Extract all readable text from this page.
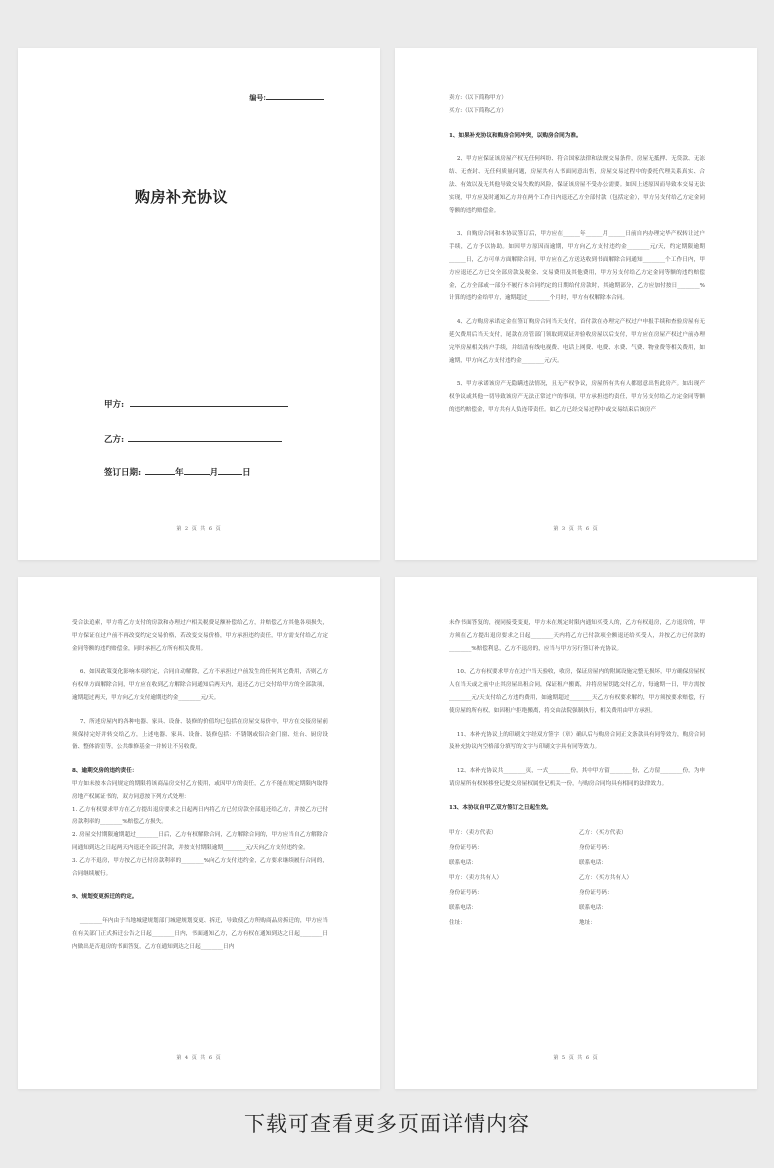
编号:
购房补充协议
甲方:
乙方:
签订日期:	年	月	日
第 2 页 共 6 页

卖方:（以下简称甲方）

买方:（以下简称乙方）

1、如果补充协议和购房合同冲突，以购房合同为准。

2、甲方应保证该房屋产权无任何纠纷、符合国家法律和法规交易条件，房屋无抵押、无贷款、无冻结、无查封、无任何质量问题，房屋共有人书面同意出售，房屋交易过程中的委托代理关系真实、合法、有效以及无其他导致交易失败的风险，保证该房屋不受办公需要。如因上述原因而导致本交易无法实现，甲方应及时通知乙方并在两个工作日内退还乙方全部付款（包括定金），甲方另支付给乙方定金同等额的违约赔偿金。

3、自购房合同和本协议签订后，甲方应在______年______月______日前自内办理完毕产权转让过户手续，乙方予以协助。如因甲方原因而逾期，甲方向乙方支付违约金________元/天，约定期限逾期______日，乙方可单方面解除合同，甲方应在乙方送达收到书面解除合同通知________个工作日内，甲方应退还乙方已交全部房款及税金、交易费用及其他费用，甲方另支付给乙方定金同等额的违约赔偿金，乙方全部或一部分不履行本合同约定的日期给付房款时，其逾期部分，乙方应加付按日________%计算的违约金给甲方，逾期超过________个月时，甲方有权解除本合同。

4、乙方购房承诺定金在签订购房合同当天支付，首付款在办理完产权过户申报手续和查验房屋有无延欠费用后当天支付，尾款在房管部门领取到双证并验收房屋以后支付，甲方应在房屋产权过户前办理完毕房屋相关转户手续，并结清有线电视费、电话上网费、电费、水费、气费、物业费等相关费用，如逾期，甲方向乙方支付违约金________元/天。

5、甲方承诺该房产无隐瞒违法情况，且无产权争议，房屋所有共有人都愿意出售此房产。如出现产权争议或其他一切导致该房产无法正常过户的事项，甲方承担违约责任，甲方另支付给乙方定金同等额的违约赔偿金，甲方共有人负连带责任。如乙方已经交易过程中或交易结束后该房产

第 3 页 共 6 页

受合法追索，甲方将乙方支付的房款和办理过户相关税费足额补偿给乙方，并赔偿乙方其他各项损失，甲方保证在过户前不再改变约定交易价格，若改变交易价格，甲方承担违约责任，甲方需支付给乙方定金同等额的违约赔偿金，同时承担乙方所有相关费用。

6、如因政策变化影响本项约定，合同自动解除，乙方不承担过户前发生的任何其它费用，否则乙方有权单方面解除合同，甲方应在收到乙方解除合同通知后两天内，退还乙方已交付给甲方的全部款项，逾期超过两天，甲方向乙方支付逾期违约金________元/天。

7、所述房屋内的各种电器、家具、设备、装修的价值均已包括在房屋交易价中，甲方在交接房屋前须保持完好并转交给乙方，上述电器、家具、设备、装修包括：不锈钢或铝合金门窗、灶台、厨房设备、整体浴室等，公共维修基金一并转让不另收费。

8、逾期交房的违约责任：

甲方如未按本合同规定的期限将该商品房交付乙方使用，或因甲方的责任，乙方不能在规定期限内取得房地产权属证书的，双方同意按下列方式处理：

1. 乙方有权要求甲方在乙方提出退房要求之日起两日内将乙方已付房款全部退还给乙方，并按乙方已付房款利率的________%赔偿乙方损失。

2. 房屋交付期限逾期超过________日后，乙方有权解除合同，乙方解除合同的，甲方应当自乙方解除合同通知到达之日起两天内退还全部已付款，并按支付期限逾期________元/天向乙方支付违约金。

3. 乙方不退房，甲方按乙方已付房款利率的________%向乙方支付违约金，乙方要求继续履行合同的，合同继续履行。

9、规划变更拆迁的约定。

________年内由于当地城建规划部门城建规划变更、拆迁，导致使乙方所购商品房拆迁的，甲方应当在有关部门正式拆迁公告之日起________日内，书面通知乙方，乙方有权在通知到达之日起________日内做出是否退房的书面答复，乙方在通知到达之日起________日内

第 4 页 共 6 页

未作书面答复的，视同接受变更，甲方未在规定时限内通知买受人的，乙方有权退房，乙方退房的，甲方须在乙方提出退房要求之日起________天内将乙方已付款项全额退还给买受人，并按乙方已付款的________%赔偿利息，乙方不退房的，应当与甲方另行签订补充协议。

10、乙方有权要求甲方在过户当天验收，收房，保证房屋内的附属设施完整无损坏，甲方确保房屋权人在当天或之前中止其房屋出租合同，保证租户搬离，并将房屋钥匙交付乙方，每逾期一日，甲方需按________元/天支付给乙方违约费用，如逾期超过________天乙方有权要求解约，甲方须按要求赔偿，行使房屋的所有权，如因租户拒绝搬离，将交由法院强制执行，相关费用由甲方承担。

11、本补充协议上的印刷文字经双方签字（章）确认后与购房合同正文条款具有同等效力，购房合同及补充协议内空格部分填写的文字与印刷文字具有同等效力。

12、本补充协议共________页，一式________份，其中甲方留________份，乙方留________份，为申请房屋所有权转移登记提交房屋权属登记机关一份，与购房合同均具有相同的法律效力。

13、本协议自甲乙双方签订之日起生效。

甲方：（卖方代表）	乙方：（买方代表）
身份证号码：	身份证号码：
联系电话：	联系电话：
甲方：（卖方共有人）	乙方：（买方共有人）
身份证号码：	身份证号码：
联系电话：	联系电话：
住址：	地址：
第 5 页 共 6 页
下载可查看更多页面详情内容
